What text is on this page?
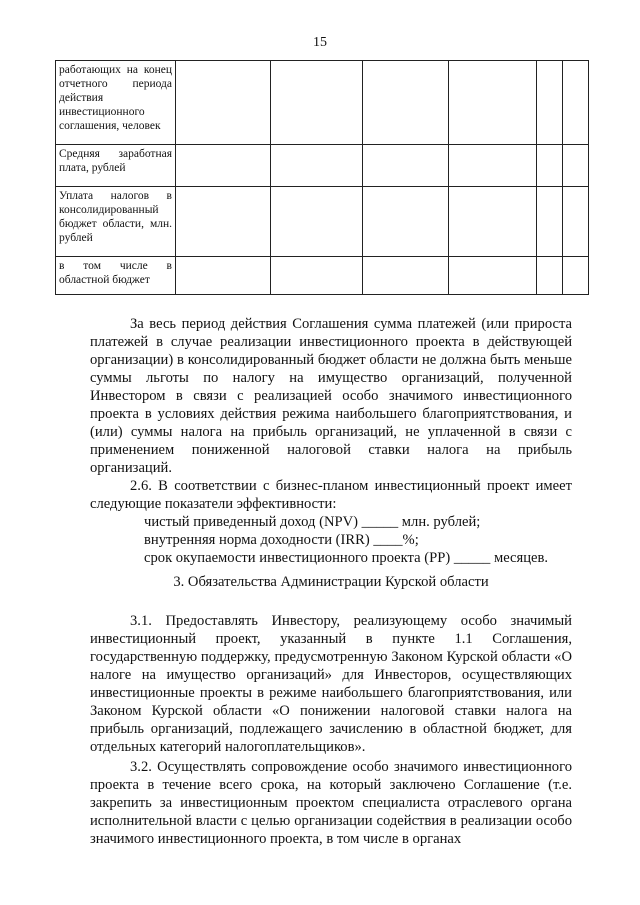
15
работающих на конец отчетного периода действия инвестиционного соглашения, человек						
Средняя заработная плата, рублей						
Уплата налогов в консолидированный бюджет области, млн. рублей						
в том числе в областной бюджет						

За весь период действия Соглашения сумма платежей (или прироста платежей в случае реализации инвестиционного проекта в действующей организации) в консолидированный бюджет области не должна быть меньше суммы льготы по налогу на имущество организаций, полученной Инвестором в связи с реализацией особо значимого инвестиционного проекта в условиях действия режима наибольшего благоприятствования, и (или) суммы налога на прибыль организаций, не уплаченной в связи с применением пониженной налоговой ставки налога на прибыль организаций.

2.6. В соответствии с бизнес-планом инвестиционный проект имеет следующие показатели эффективности:

чистый приведенный доход (NPV) _____ млн. рублей;

внутренняя норма доходности (IRR) ____%;

срок окупаемости инвестиционного проекта (PP) _____ месяцев.

3. Обязательства Администрации Курской области

3.1. Предоставлять Инвестору, реализующему особо значимый инвестиционный проект, указанный в пункте 1.1 Соглашения, государственную поддержку, предусмотренную Законом Курской области «О налоге на имущество организаций» для Инвесторов, осуществляющих инвестиционные проекты в режиме наибольшего благоприятствования, или Законом Курской области «О понижении налоговой ставки налога на прибыль организаций, подлежащего зачислению в областной бюджет, для отдельных категорий налогоплательщиков».

3.2. Осуществлять сопровождение особо значимого инвестиционного проекта в течение всего срока, на который заключено Соглашение (т.е. закрепить за инвестиционным проектом специалиста отраслевого органа исполнительной власти с целью организации содействия в реализации особо значимого инвестиционного проекта, в том числе в органах
